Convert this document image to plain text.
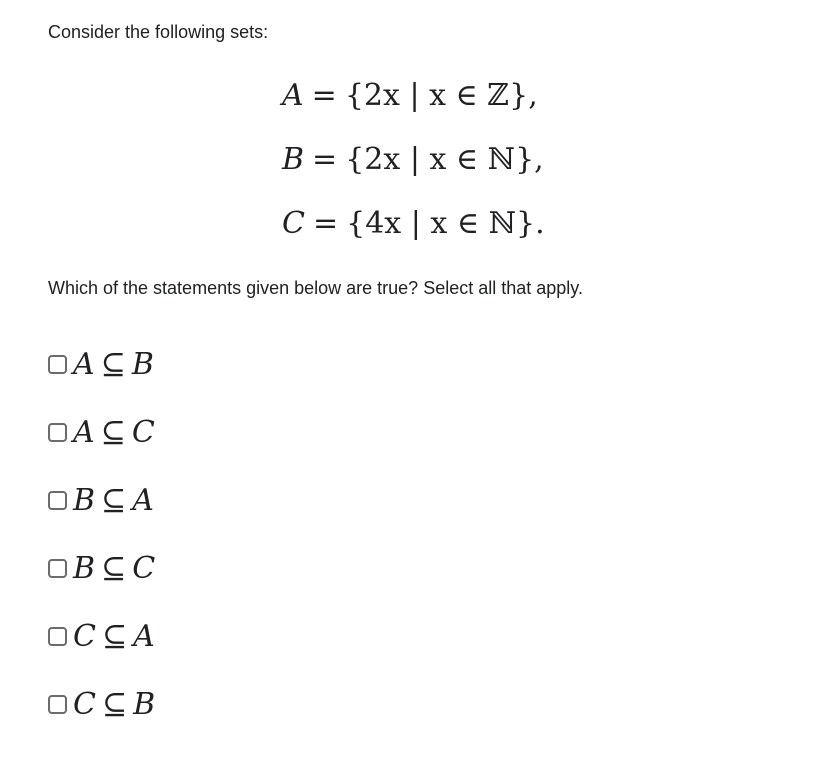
Consider the following sets:
A = {2x | x ∈ ℤ},
B = {2x | x ∈ ℕ},
C = {4x | x ∈ ℕ}.
Which of the statements given below are true? Select all that apply.
A ⊆ B
A ⊆ C
B ⊆ A
B ⊆ C
C ⊆ A
C ⊆ B
